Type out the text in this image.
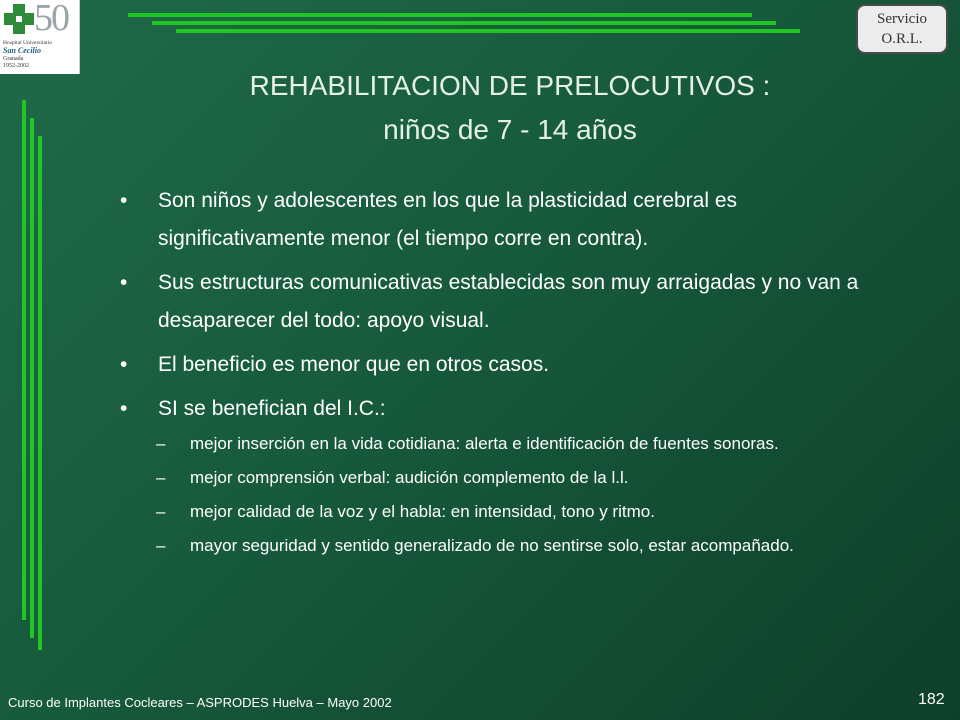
50
Hospital Universitario
San Cecilio
Granada
1952-2002
Servicio
O.R.L.
REHABILITACION DE PRELOCUTIVOS :
niños de 7 - 14 años
• Son niños y adolescentes en los que la plasticidad cerebral es significativamente menor (el tiempo corre en contra).
• Sus estructuras comunicativas establecidas son muy arraigadas y no van a desaparecer del todo: apoyo visual.
• El beneficio es menor que en otros casos.
• SI se benefician del I.C.:
– mejor inserción en la vida cotidiana: alerta e identificación de fuentes sonoras.
– mejor comprensión verbal: audición complemento de la l.l.
– mejor calidad de la voz y el habla: en intensidad, tono y ritmo.
– mayor seguridad y sentido generalizado de no sentirse solo, estar acompañado.
Curso de Implantes Cocleares – ASPRODES Huelva – Mayo 2002	182
